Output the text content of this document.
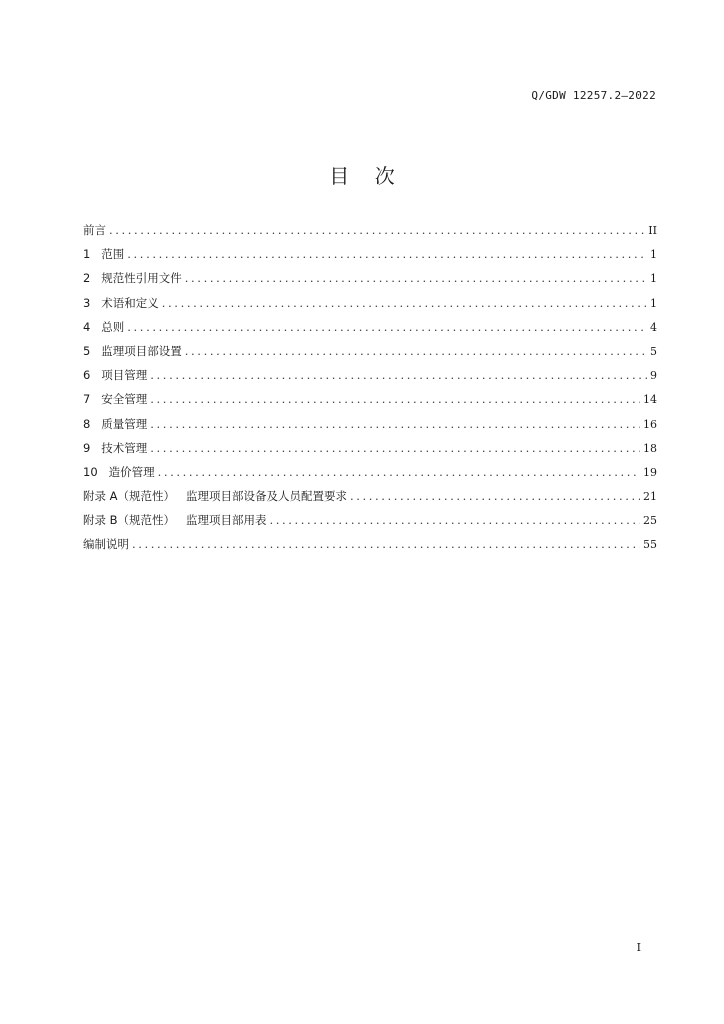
Q/GDW 12257.2—2022
目    次
前言 .....	II
1   范围 .....	1
2   规范性引用文件 .....	1
3   术语和定义 .....	1
4   总则 .....	4
5   监理项目部设置 .....	5
6   项目管理 .....	9
7   安全管理 .....	14
8   质量管理 .....	16
9   技术管理 .....	18
10   造价管理 .....	19
附录 A（规范性）   监理项目部设备及人员配置要求 .....	21
附录 B（规范性）   监理项目部用表 .....	25
编制说明 .....	55
I
